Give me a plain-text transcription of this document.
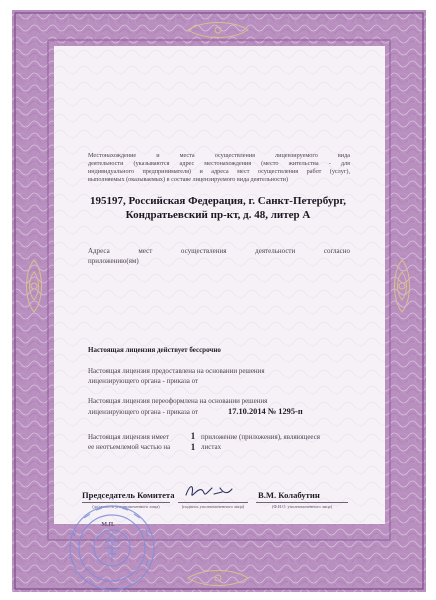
Местонахождение и места осуществления лицензируемого вида
деятельности (указываются адрес местонахождения (место жительства - для
индивидуального предпринимателя) и адреса мест осуществления работ (услуг),
выполняемых (оказываемых) в составе лицензируемого вида деятельности)
195197, Российская Федерация, г. Санкт-Петербург,
Кондратьевский пр-кт, д. 48, литер А
Адреса мест осуществления деятельности согласно
приложению(ям)
Настоящая лицензия действует бессрочно
Настоящая лицензия предоставлена на основании решения
лицензирующего органа - приказа от
Настоящая лицензия переоформлена на основании решения
лицензирующего органа - приказа от	17.10.2014 № 1295-п
Настоящая лицензия имеет	1 приложение (приложения), являющееся
ее неотъемлемой частью на	1 листах
Председатель Комитета
(должность уполномоченного лица)	(подпись уполномоченного лица)
В.М. Колабутин
(Ф.И.О. уполномоченного лица)
М.П.
